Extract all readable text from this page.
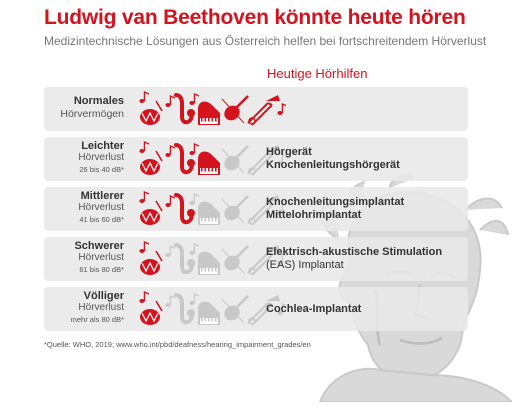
Ludwig van Beethoven könnte heute hören
Medizintechnische Lösungen aus Österreich helfen bei fortschreitendem Hörverlust
Heutige Hörhilfen
Normales
Hörvermögen
Leichter
Hörverlust
26 bis 40 dB*
Hörgerät
Knochenleitungshörgerät
Mittlerer
Hörverlust
41 bis 60 dB*
Knochenleitungsimplantat
Mittelohrimplantat
Schwerer
Hörverlust
61 bis 80 dB*
Elektrisch-akustische Stimulation
(EAS) Implantat
Völliger
Hörverlust
mehr als 80 dB*
Cochlea-Implantat
*Quelle: WHO, 2019; www.who.int/pbd/deafness/hearing_impairment_grades/en
